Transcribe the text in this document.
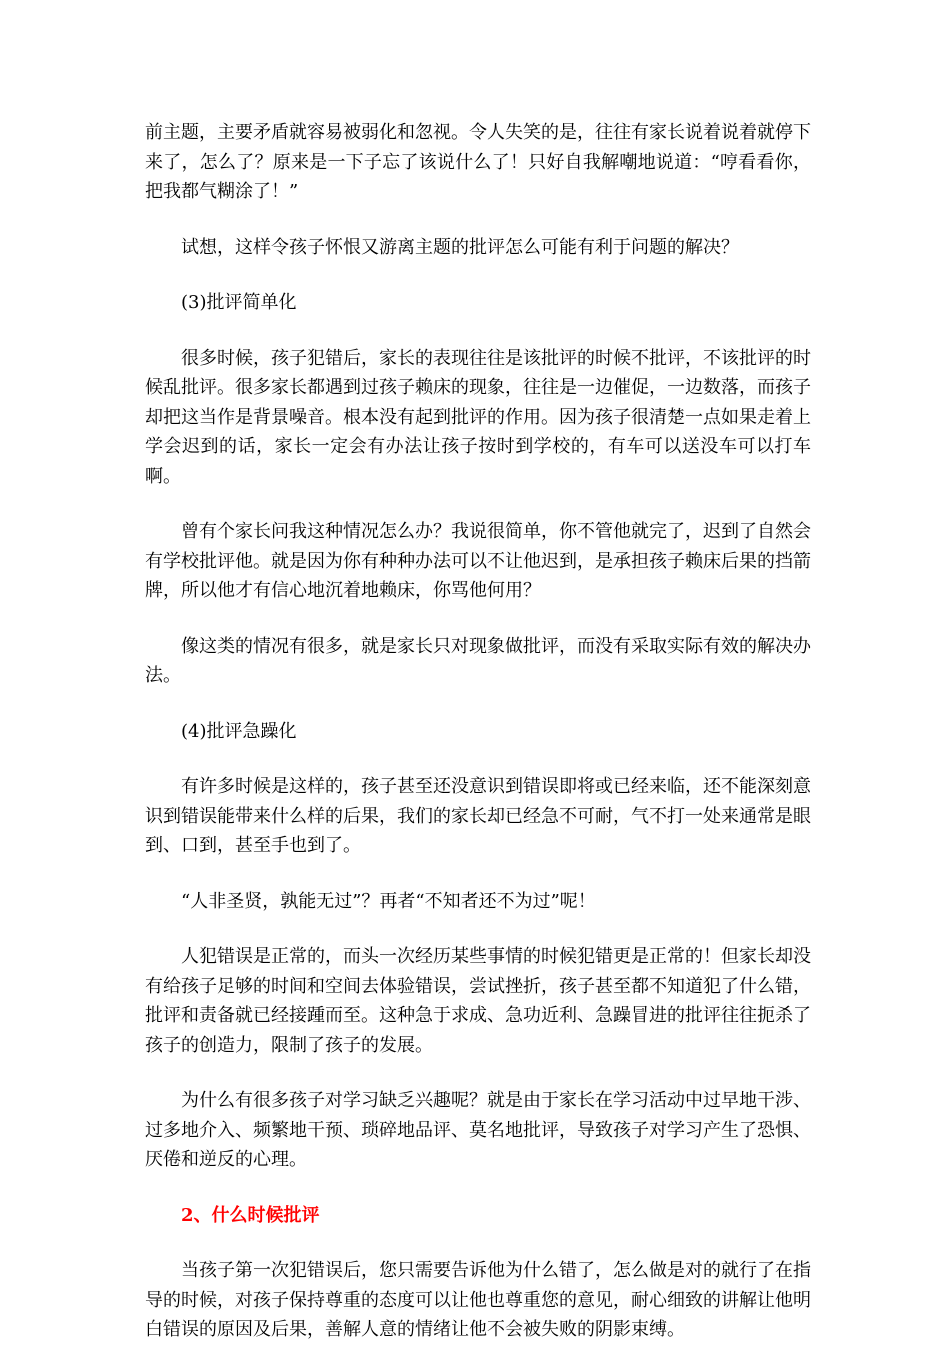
前主题，主要矛盾就容易被弱化和忽视。令人失笑的是，往往有家长说着说着就停下来了，怎么了？原来是一下子忘了该说什么了！只好自我解嘲地说道：“哼看看你，把我都气糊涂了！”

试想，这样令孩子怀恨又游离主题的批评怎么可能有利于问题的解决？

(3)批评简单化

很多时候，孩子犯错后，家长的表现往往是该批评的时候不批评，不该批评的时候乱批评。很多家长都遇到过孩子赖床的现象，往往是一边催促，一边数落，而孩子却把这当作是背景噪音。根本没有起到批评的作用。因为孩子很清楚一点如果走着上学会迟到的话，家长一定会有办法让孩子按时到学校的，有车可以送没车可以打车啊。

曾有个家长问我这种情况怎么办？我说很简单，你不管他就完了，迟到了自然会有学校批评他。就是因为你有种种办法可以不让他迟到，是承担孩子赖床后果的挡箭牌，所以他才有信心地沉着地赖床，你骂他何用？

像这类的情况有很多，就是家长只对现象做批评，而没有采取实际有效的解决办法。

(4)批评急躁化

有许多时候是这样的，孩子甚至还没意识到错误即将或已经来临，还不能深刻意识到错误能带来什么样的后果，我们的家长却已经急不可耐，气不打一处来通常是眼到、口到，甚至手也到了。

“人非圣贤，孰能无过”？再者“不知者还不为过”呢！

人犯错误是正常的，而头一次经历某些事情的时候犯错更是正常的！但家长却没有给孩子足够的时间和空间去体验错误，尝试挫折，孩子甚至都不知道犯了什么错，批评和责备就已经接踵而至。这种急于求成、急功近利、急躁冒进的批评往往扼杀了孩子的创造力，限制了孩子的发展。

为什么有很多孩子对学习缺乏兴趣呢？就是由于家长在学习活动中过早地干涉、过多地介入、频繁地干预、琐碎地品评、莫名地批评，导致孩子对学习产生了恐惧、厌倦和逆反的心理。

2、什么时候批评

当孩子第一次犯错误后，您只需要告诉他为什么错了，怎么做是对的就行了在指导的时候，对孩子保持尊重的态度可以让他也尊重您的意见，耐心细致的讲解让他明白错误的原因及后果，善解人意的情绪让他不会被失败的阴影束缚。
